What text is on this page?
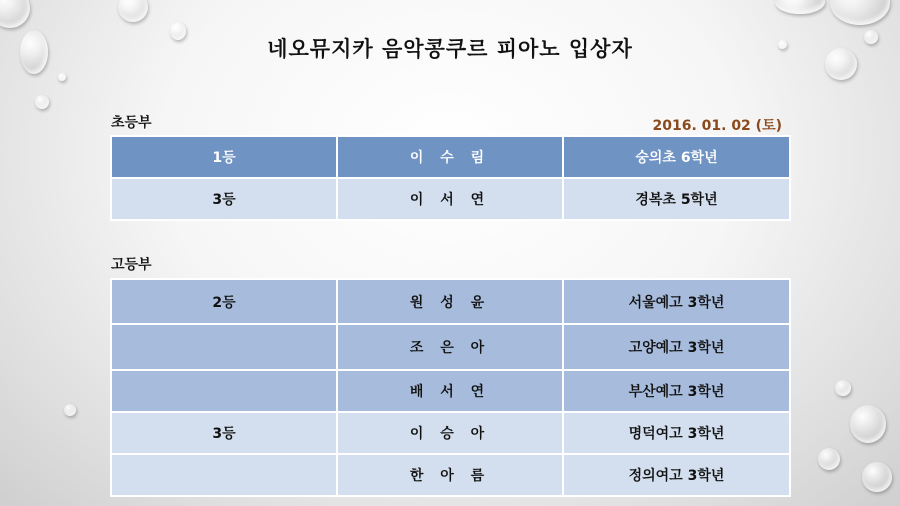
네오뮤지카 음악콩쿠르 피아노 입상자
초등부	2016. 01. 02 (토)
1등	이 수 림	숭의초 6학년
3등	이 서 연	경복초 5학년
고등부
2등	원 성 윤	서울예고 3학년
	조 은 아	고양예고 3학년
	배 서 연	부산예고 3학년
3등	이 승 아	명덕여고 3학년
	한 아 름	정의여고 3학년
